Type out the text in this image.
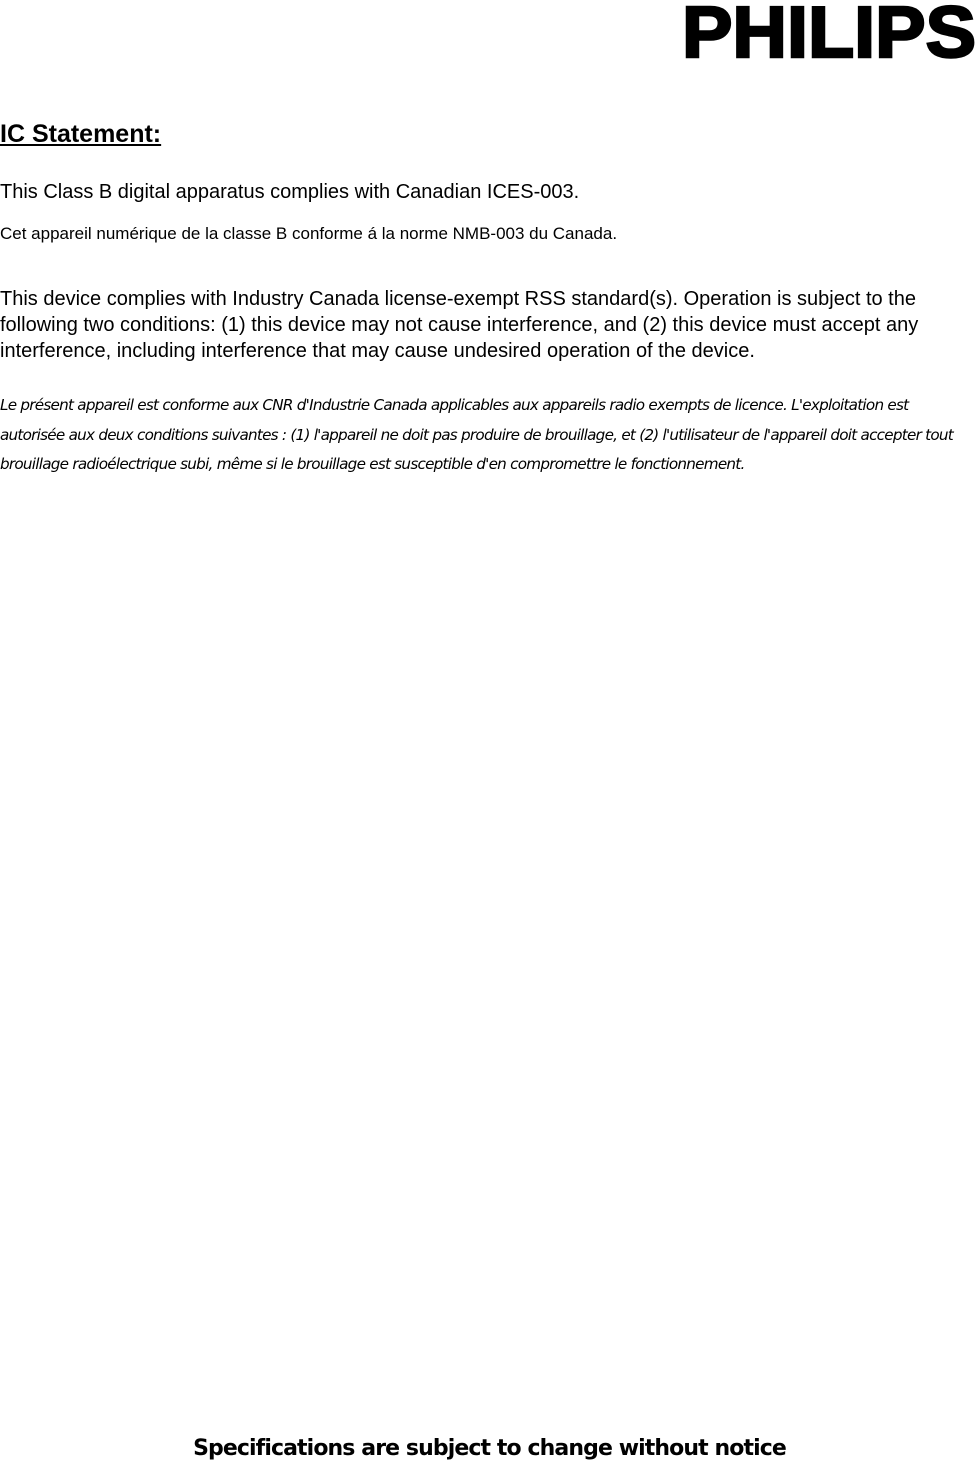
PHILIPS
IC Statement:

This Class B digital apparatus complies with Canadian ICES-003.

Cet appareil numérique de la classe B conforme á la norme NMB-003 du Canada.

This device complies with Industry Canada license-exempt RSS standard(s). Operation is subject to the following two conditions: (1) this device may not cause interference, and (2) this device must accept any interference, including interference that may cause undesired operation of the device.

Le présent appareil est conforme aux CNR d'Industrie Canada applicables aux appareils radio exempts de licence. L'exploitation est autorisée aux deux conditions suivantes : (1) l'appareil ne doit pas produire de brouillage, et (2) l'utilisateur de l'appareil doit accepter tout brouillage radioélectrique subi, même si le brouillage est susceptible d'en compromettre le fonctionnement.

Specifications are subject to change without notice
